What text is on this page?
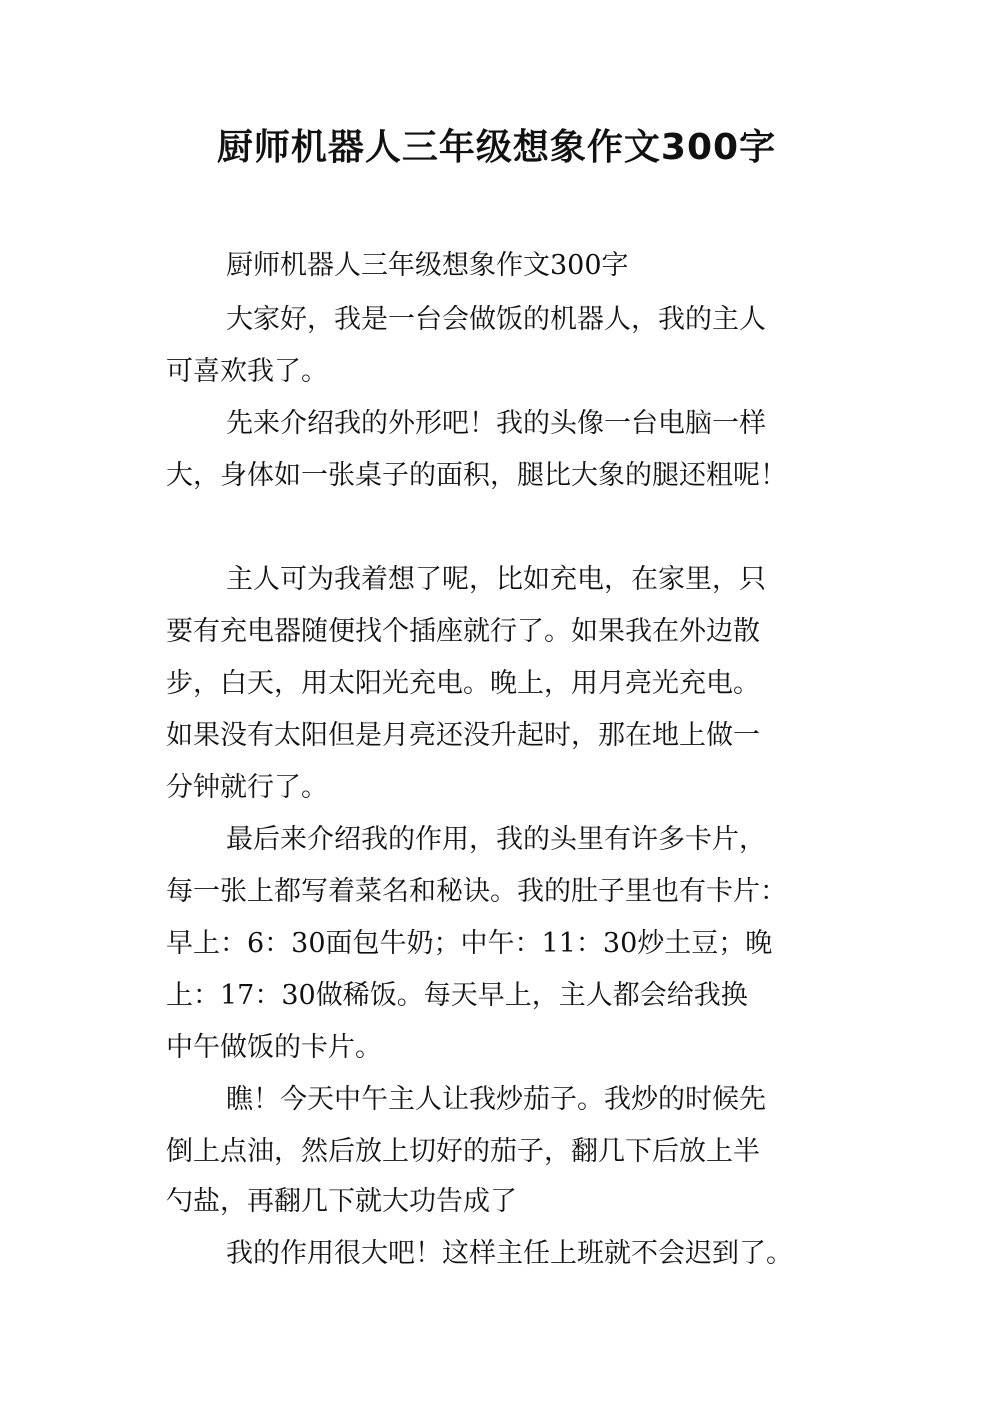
厨师机器人三年级想象作文300字

厨师机器人三年级想象作文300字

大家好，我是一台会做饭的机器人，我的主人

可喜欢我了。

先来介绍我的外形吧！我的头像一台电脑一样

大，身体如一张桌子的面积，腿比大象的腿还粗呢！

主人可为我着想了呢，比如充电，在家里，只

要有充电器随便找个插座就行了。如果我在外边散

步，白天，用太阳光充电。晚上，用月亮光充电。

如果没有太阳但是月亮还没升起时，那在地上做一

分钟就行了。

最后来介绍我的作用，我的头里有许多卡片，

每一张上都写着菜名和秘诀。我的肚子里也有卡片：

早上：6：30面包牛奶；中午：11：30炒土豆；晚

上：17：30做稀饭。每天早上，主人都会给我换

中午做饭的卡片。

瞧！今天中午主人让我炒茄子。我炒的时候先

倒上点油，然后放上切好的茄子，翻几下后放上半

勺盐，再翻几下就大功告成了

我的作用很大吧！这样主任上班就不会迟到了。
